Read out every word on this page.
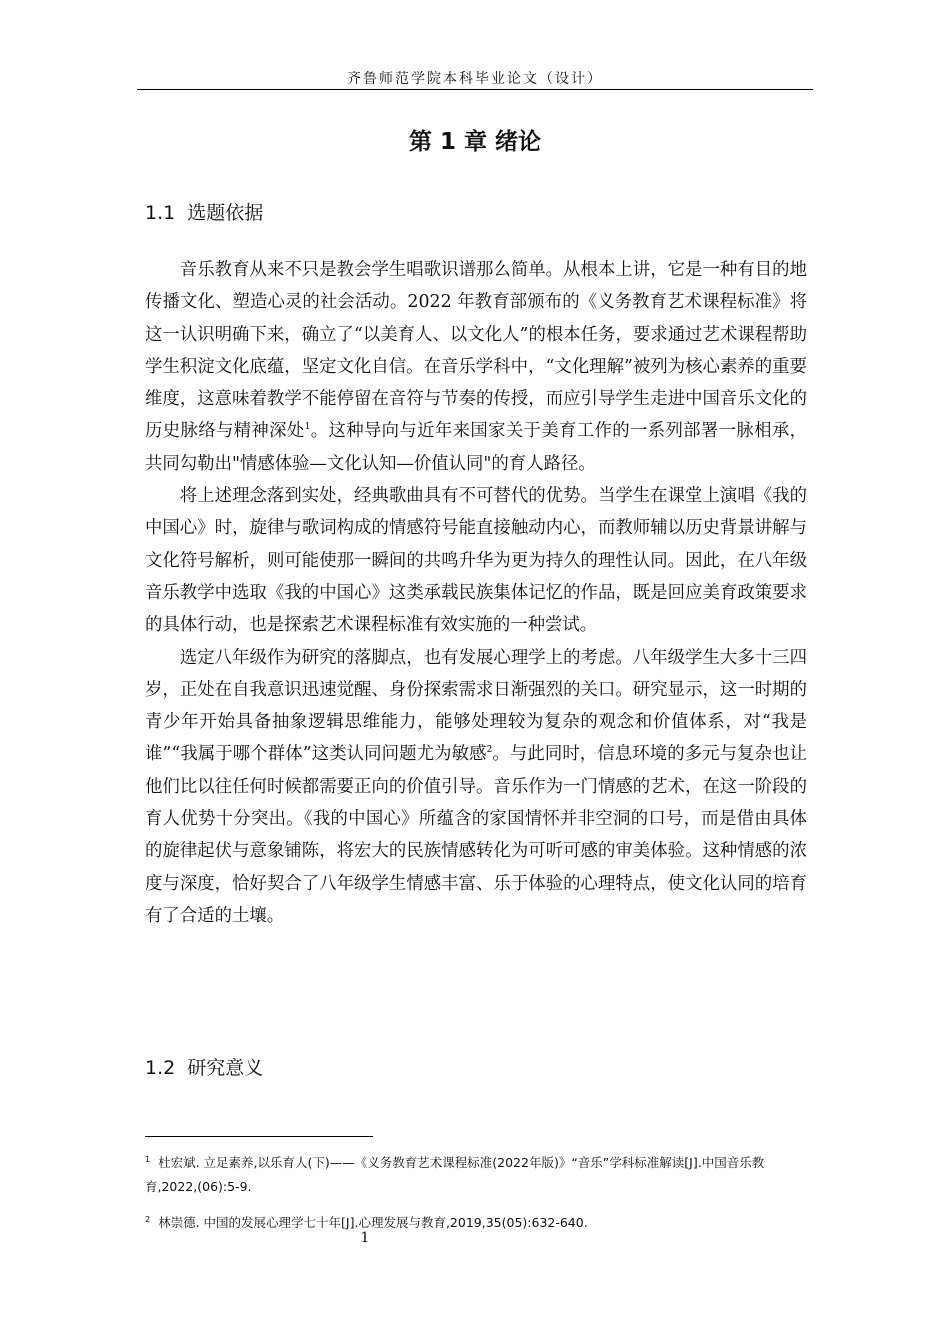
齐鲁师范学院本科毕业论文（设计）
第 1 章 绪论
1.1 选题依据

音乐教育从来不只是教会学生唱歌识谱那么简单。从根本上讲，它是一种有目的地传播文化、塑造心灵的社会活动。2022 年教育部颁布的《义务教育艺术课程标准》将这一认识明确下来，确立了“以美育人、以文化人”的根本任务，要求通过艺术课程帮助学生积淀文化底蕴，坚定文化自信。在音乐学科中，“文化理解”被列为核心素养的重要维度，这意味着教学不能停留在音符与节奏的传授，而应引导学生走进中国音乐文化的历史脉络与精神深处$^1$。这种导向与近年来国家关于美育工作的一系列部署一脉相承，共同勾勒出"情感体验—文化认知—价值认同"的育人路径。

将上述理念落到实处，经典歌曲具有不可替代的优势。当学生在课堂上演唱《我的中国心》时，旋律与歌词构成的情感符号能直接触动内心，而教师辅以历史背景讲解与文化符号解析，则可能使那一瞬间的共鸣升华为更为持久的理性认同。因此，在八年级音乐教学中选取《我的中国心》这类承载民族集体记忆的作品，既是回应美育政策要求的具体行动，也是探索艺术课程标准有效实施的一种尝试。

选定八年级作为研究的落脚点，也有发展心理学上的考虑。八年级学生大多十三四岁，正处在自我意识迅速觉醒、身份探索需求日渐强烈的关口。研究显示，这一时期的青少年开始具备抽象逻辑思维能力，能够处理较为复杂的观念和价值体系，对“我是谁”“我属于哪个群体”这类认同问题尤为敏感$^2$。与此同时，信息环境的多元与复杂也让他们比以往任何时候都需要正向的价值引导。音乐作为一门情感的艺术，在这一阶段的育人优势十分突出。《我的中国心》所蕴含的家国情怀并非空洞的口号，而是借由具体的旋律起伏与意象铺陈，将宏大的民族情感转化为可听可感的审美体验。这种情感的浓度与深度，恰好契合了八年级学生情感丰富、乐于体验的心理特点，使文化认同的培育有了合适的土壤。

1.2 研究意义
$^1$ 杜宏斌. 立足素养,以乐育人(下)——《义务教育艺术课程标准(2022年版)》“音乐”学科标准解读[J].中国音乐教育,2022,(06):5-9.
$^2$ 林崇德. 中国的发展心理学七十年[J].心理发展与教育,2019,35(05):632-640.
1
